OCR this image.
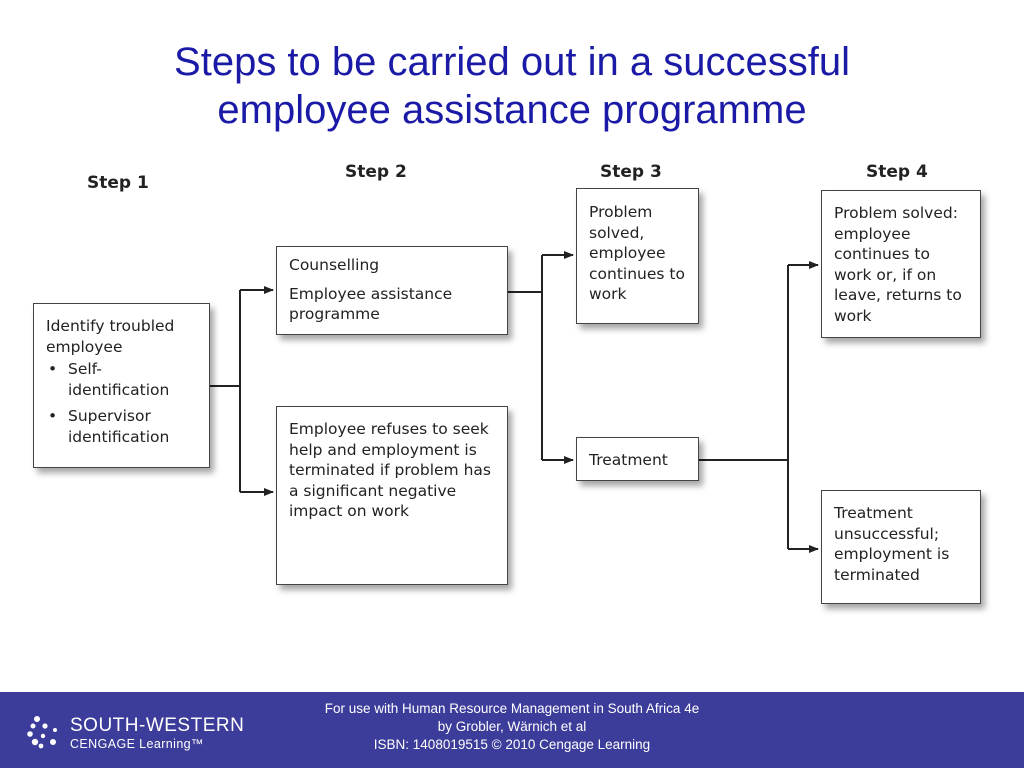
Steps to be carried out in a successful
employee assistance programme
Step 1
Step 2	Step 3	Step 4

Identify troubled employee

• Self-identification
• Supervisor identification

Counselling

Employee assistance programme

Employee refuses to seek help and employment is terminated if problem has a significant negative impact on work

Problem solved, employee continues to work

Treatment

Problem solved: employee continues to work or, if on leave, returns to work

Treatment unsuccessful; employment is terminated

SOUTH-WESTERN
CENGAGE Learning™
For use with Human Resource Management in South Africa 4e
by Grobler, Wärnich et al
ISBN: 1408019515 © 2010 Cengage Learning
